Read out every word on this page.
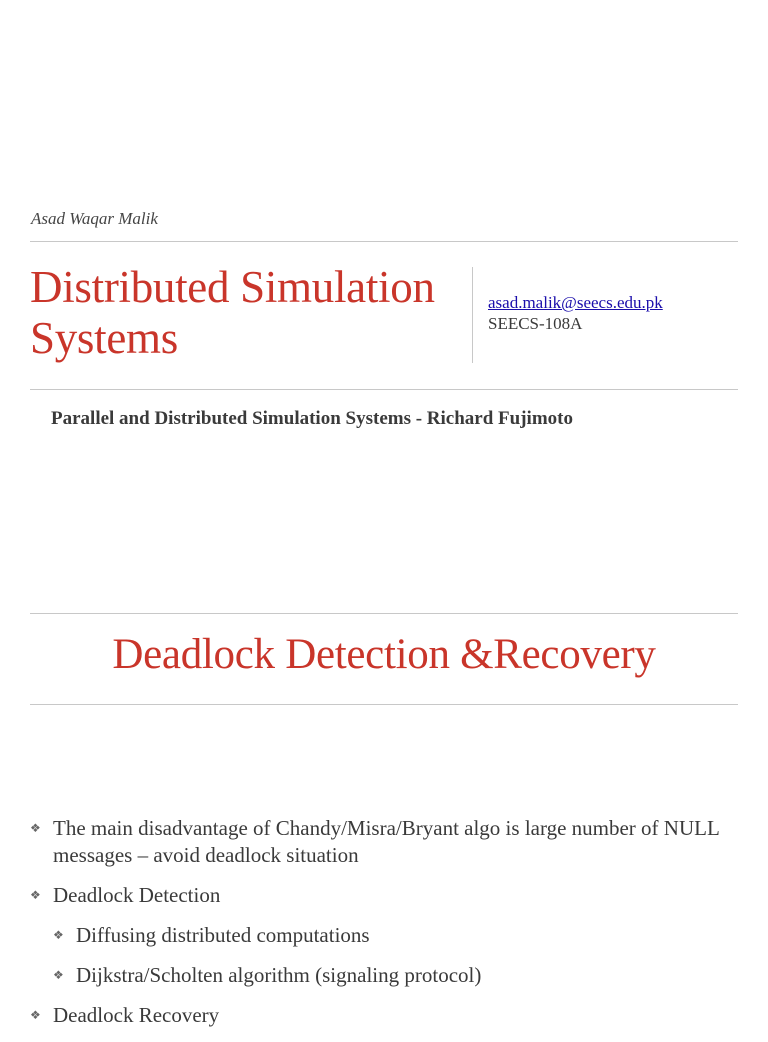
Asad Waqar Malik
Distributed Simulation Systems
asad.malik@seecs.edu.pk
SEECS-108A
Parallel and Distributed Simulation Systems - Richard Fujimoto
Deadlock Detection &Recovery
❖ The main disadvantage of Chandy/Misra/Bryant algo is large number of NULL messages – avoid deadlock situation
❖ Deadlock Detection
❖ Diffusing distributed computations
❖ Dijkstra/Scholten algorithm (signaling protocol)
❖ Deadlock Recovery
